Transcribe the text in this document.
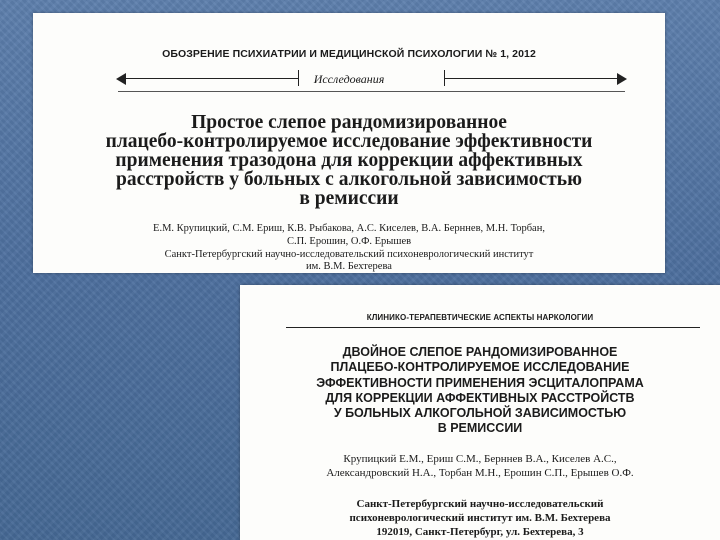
ОБОЗРЕНИЕ ПСИХИАТРИИ И МЕДИЦИНСКОЙ ПСИХОЛОГИИ № 1, 2012
Исследования
Простое слепое рандомизированное
плацебо-контролируемое исследование эффективности
применения тразодона для коррекции аффективных
расстройств у больных с алкогольной зависимостью
в ремиссии
Е.М. Крупицкий, С.М. Ериш, К.В. Рыбакова, А.С. Киселев, В.А. Берннев, М.Н. Торбан,
С.П. Ерошин, О.Ф. Ерышев
Санкт-Петербургский научно-исследовательский психоневрологический институт
им. В.М. Бехтерева
КЛИНИКО-ТЕРАПЕВТИЧЕСКИЕ АСПЕКТЫ НАРКОЛОГИИ
ДВОЙНОЕ СЛЕПОЕ РАНДОМИЗИРОВАННОЕ
ПЛАЦЕБО-КОНТРОЛИРУЕМОЕ ИССЛЕДОВАНИЕ
ЭФФЕКТИВНОСТИ ПРИМЕНЕНИЯ ЭСЦИТАЛОПРАМА
ДЛЯ КОРРЕКЦИИ АФФЕКТИВНЫХ РАССТРОЙСТВ
У БОЛЬНЫХ АЛКОГОЛЬНОЙ ЗАВИСИМОСТЬЮ
В РЕМИССИИ
Крупицкий Е.М., Ериш С.М., Берннев В.А., Киселев А.С.,
Александровский Н.А., Торбан М.Н., Ерошин С.П., Ерышев О.Ф.
Санкт-Петербургский научно-исследовательский
психоневрологический институт им. В.М. Бехтерева
192019, Санкт-Петербург, ул. Бехтерева, 3
